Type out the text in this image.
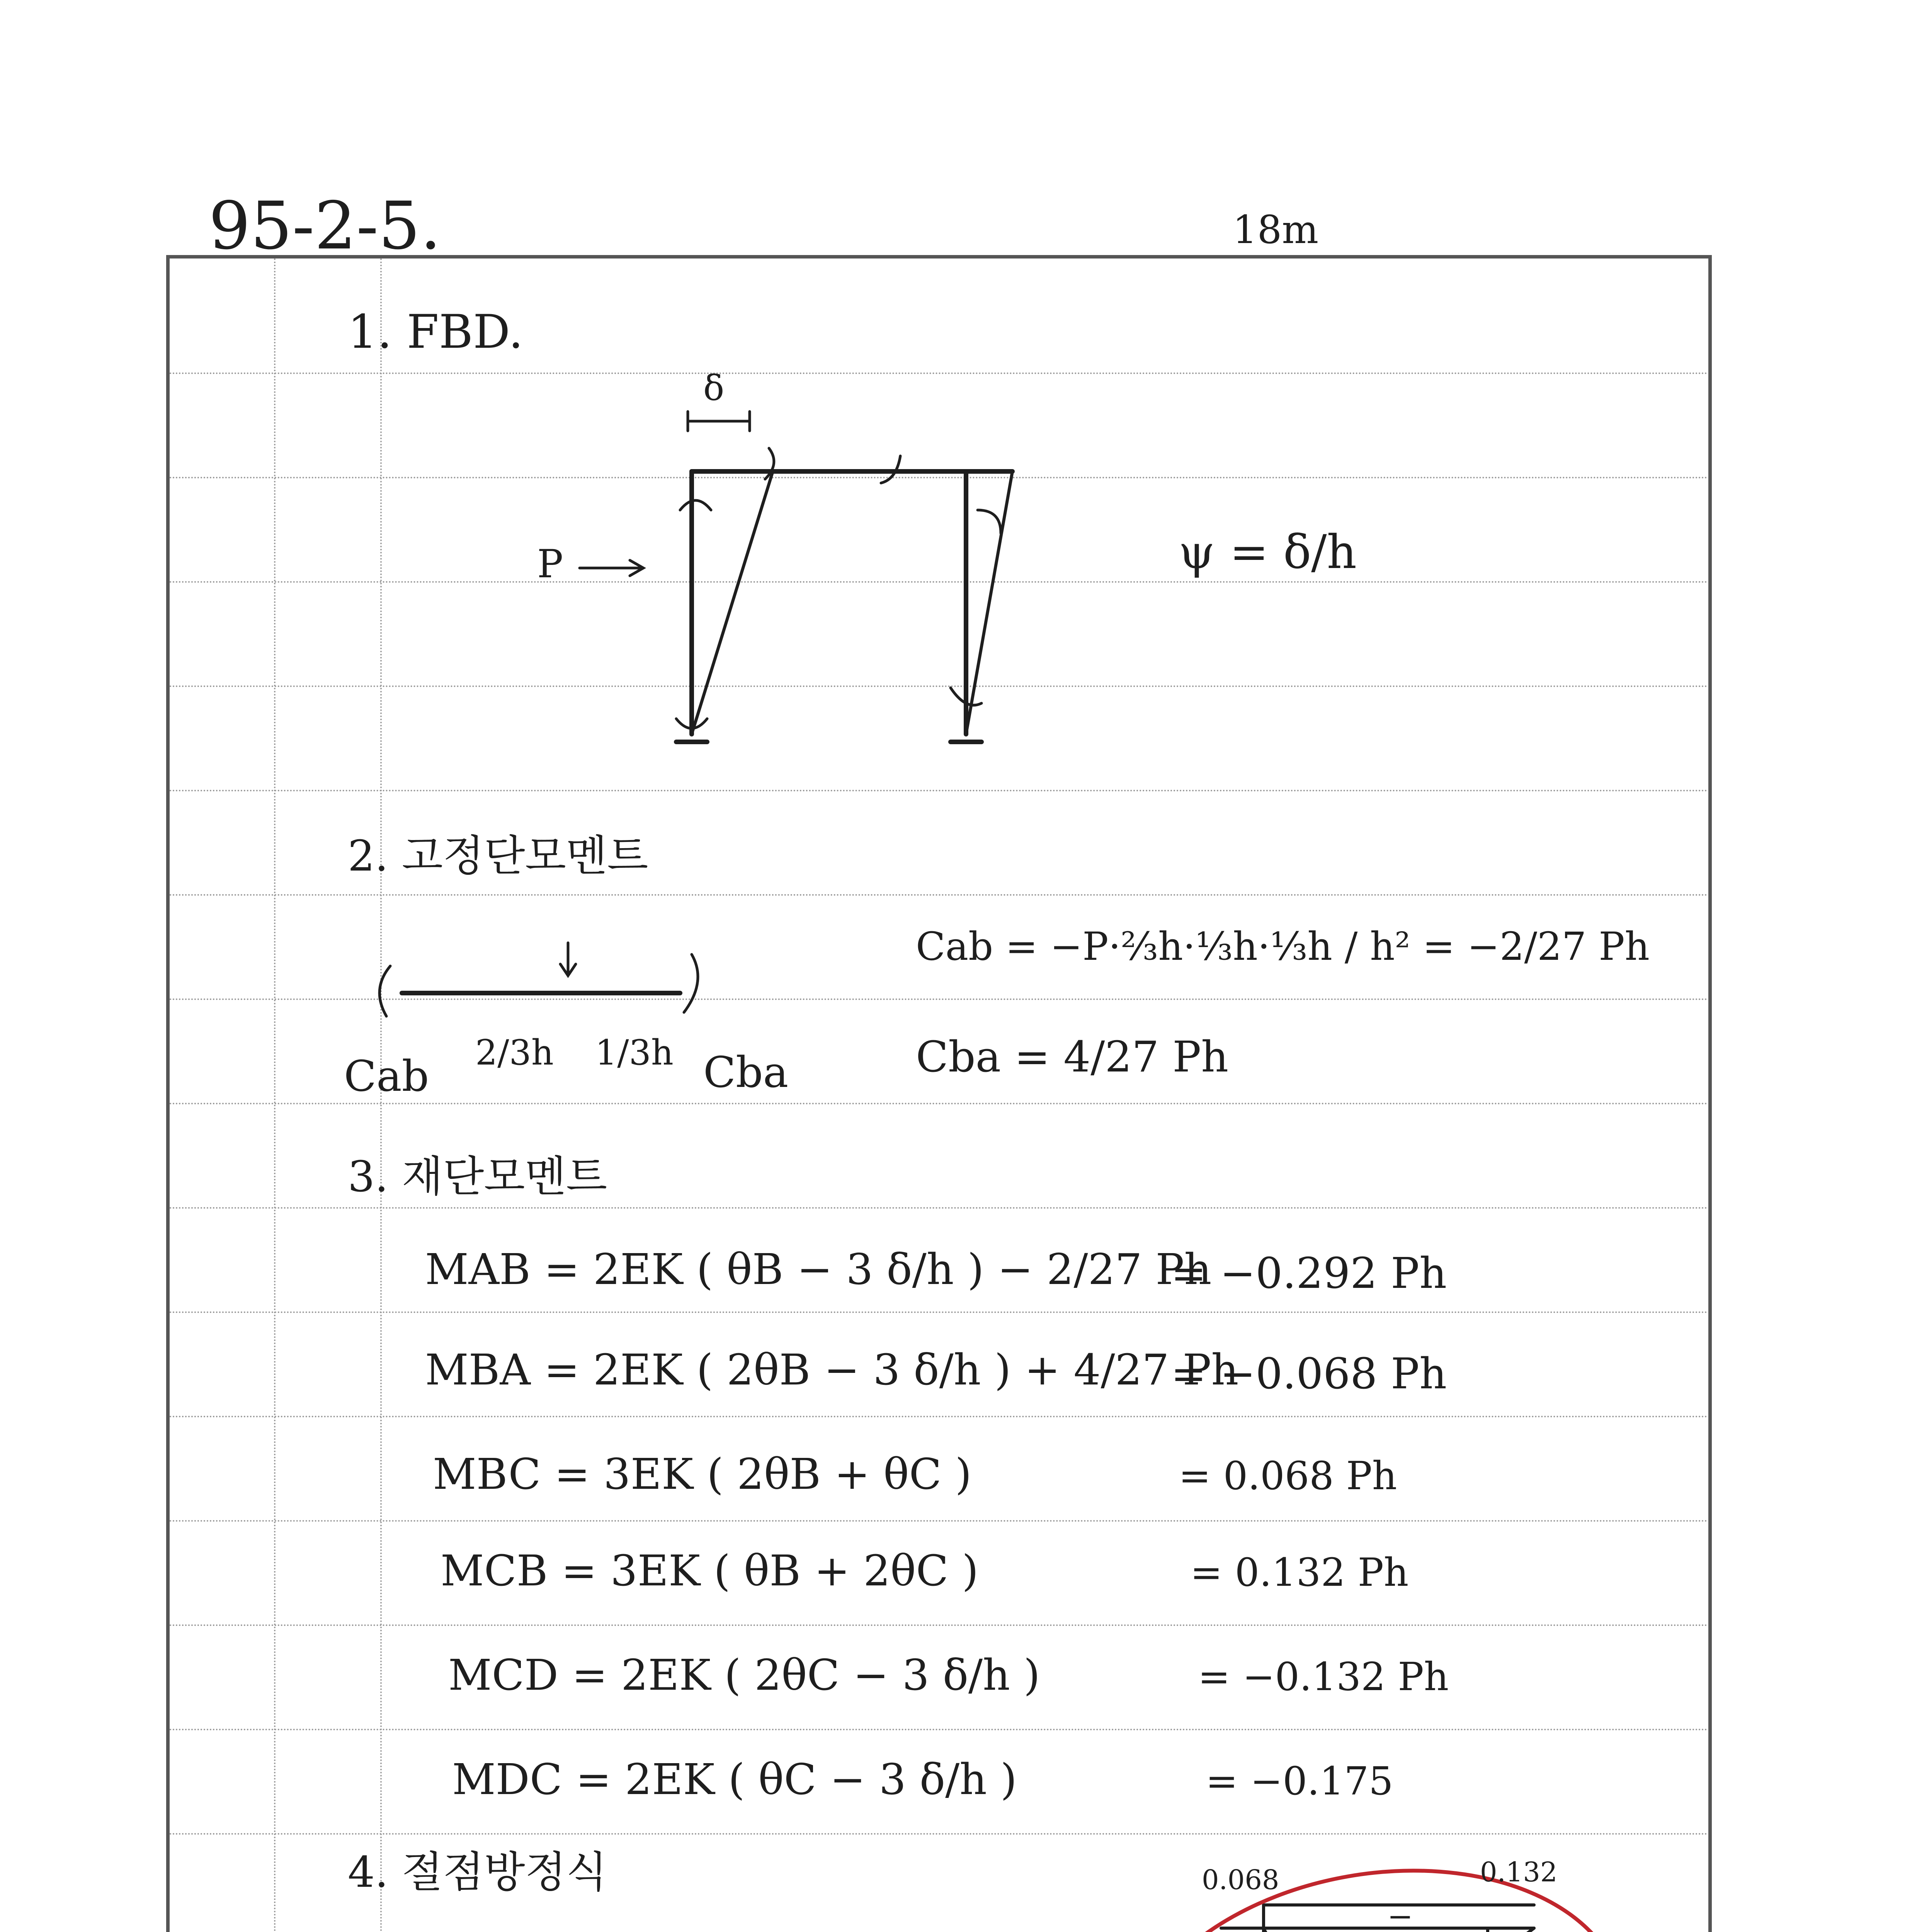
95-2-5.	18m
1. FBD.
δ
P	ψ = δ/h
2. 고정단모멘트
2/3h 1/3h
Cab	Cba
Cab = −P·⅔h·⅓h·⅓h / h² = −2/27 Ph
Cba = 4/27 Ph
3. 재단모멘트
MAB = 2EK ( θB − 3 δ/h ) − 2/27 Ph
= −0.292 Ph
MBA = 2EK ( 2θB − 3 δ/h ) + 4/27 Ph
= −0.068 Ph
MBC = 3EK ( 2θB + θC )	= 0.068 Ph
MCB = 3EK ( θB + 2θC )	= 0.132 Ph
MCD = 2EK ( 2θC − 3 δ/h )	= −0.132 Ph
MDC = 2EK ( θC − 3 δ/h )	= −0.175
4. 절점방정식	0.068	0.132
−
